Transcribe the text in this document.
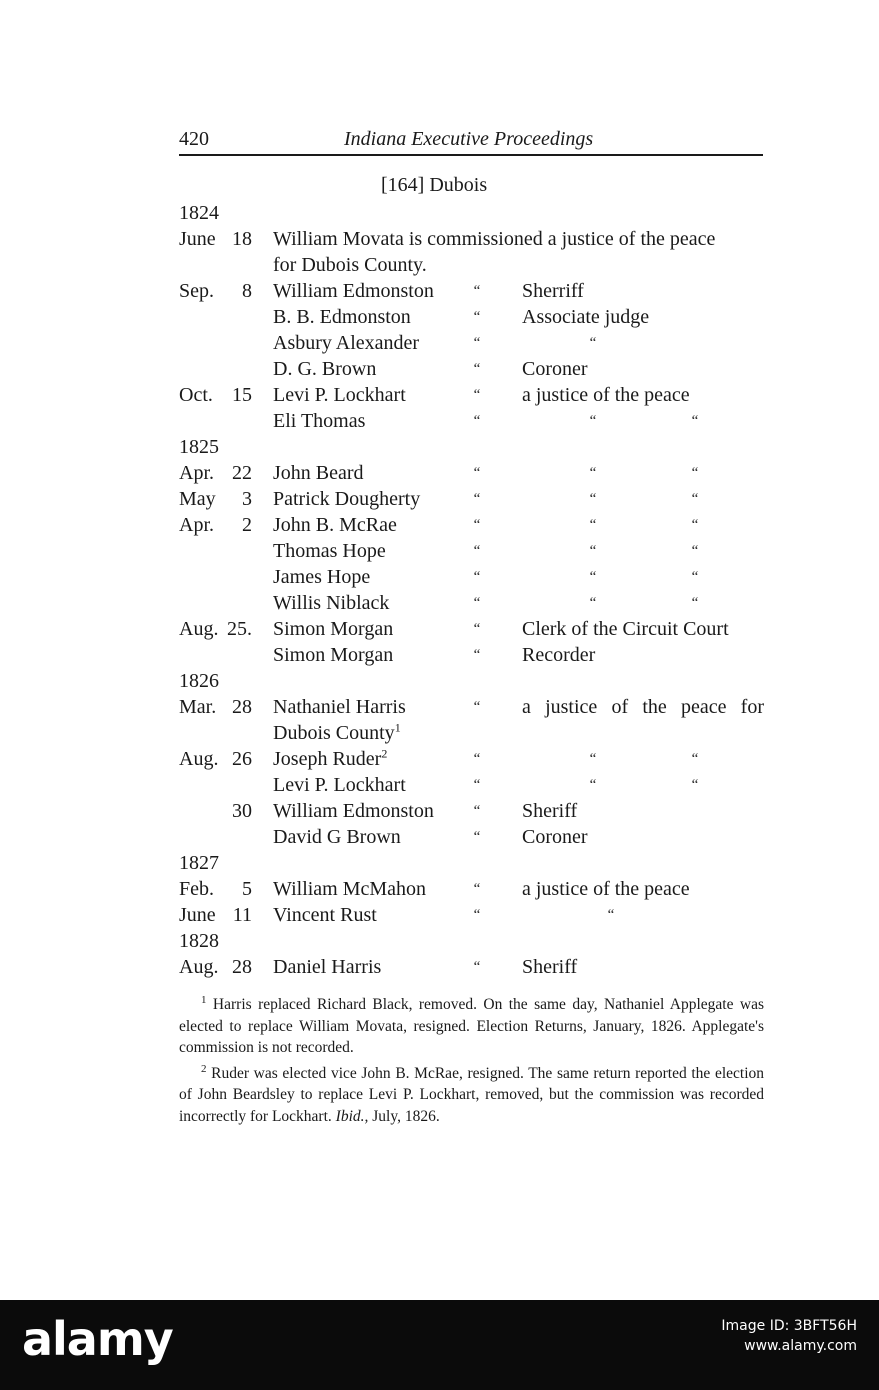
420	Indiana Executive Proceedings
[164] Dubois
1824
June 18 William Movata is commissioned a justice of the peace
for Dubois County.
Sep.	8 William Edmonston	“ Sherriff
B. B. Edmonston	“ Associate judge
Asbury Alexander	“	“
D. G. Brown	“ Coroner
Oct. 15 Levi P. Lockhart	“ a justice of the peace
Eli Thomas	“	“	“
1825
Apr. 22 John Beard	“	“	“
May	3 Patrick Dougherty	“	“	“
Apr.	2 John B. McRae	“	“	“
Thomas Hope	“	“	“
James Hope	“	“	“
Willis Niblack	“	“	“
Aug. 25. Simon Morgan	“ Clerk of the Circuit Court
Simon Morgan	“ Recorder
1826
Mar. 28 Nathaniel Harris	“ a justice of the peace for
Dubois County$^1$
Aug. 26 Joseph Ruder$^2$	“	“	“
Levi P. Lockhart	“	“	“
30 William Edmonston	“ Sheriff
David G Brown	“ Coroner
1827
Feb.	5 William McMahon	“ a justice of the peace
June 11 Vincent Rust	“	“
1828
Aug. 28 Daniel Harris	“ Sheriff

$^1$ Harris replaced Richard Black, removed. On the same day, Nathaniel Applegate was elected to replace William Movata, resigned. Election Returns, January, 1826. Applegate's commission is not recorded.

$^2$ Ruder was elected vice John B. McRae, resigned. The same return reported the election of John Beardsley to replace Levi P. Lockhart, removed, but the commission was recorded incorrectly for Lockhart. Ibid., July, 1826.

alamy	Image ID: 3BFT56H
www.alamy.com
